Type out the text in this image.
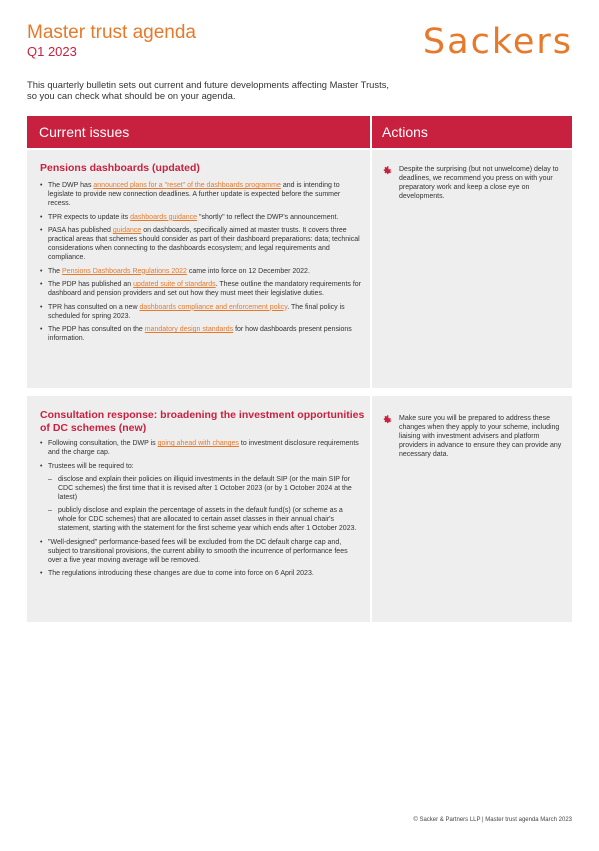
Master trust agenda
Q1 2023	Sackers
This quarterly bulletin sets out current and future developments affecting Master Trusts,
so you can check what should be on your agenda.
Current issues	Actions
Pensions dashboards (updated)
• The DWP has announced plans for a "reset" of the dashboards programme and is intending to legislate to provide new connection deadlines. A further update is expected before the summer recess.
• TPR expects to update its dashboards guidance "shortly" to reflect the DWP's announcement.
• PASA has published guidance on dashboards, specifically aimed at master trusts. It covers three practical areas that schemes should consider as part of their dashboard preparations: data; technical considerations when connecting to the dashboards ecosystem; and legal requirements and compliance.
• The Pensions Dashboards Regulations 2022 came into force on 12 December 2022.
• The PDP has published an updated suite of standards. These outline the mandatory requirements for dashboard and pension providers and set out how they must meet their legislative duties.
• TPR has consulted on a new dashboards compliance and enforcement policy. The final policy is scheduled for spring 2023.
• The PDP has consulted on the mandatory design standards for how dashboards present pensions information.
Despite the surprising (but not unwelcome) delay to deadlines, we recommend you press on with your preparatory work and keep a close eye on developments.
Consultation response: broadening the investment opportunities
of DC schemes (new)
• Following consultation, the DWP is going ahead with changes to investment disclosure requirements and the charge cap.
• Trustees will be required to:
– disclose and explain their policies on illiquid investments in the default SIP (or the main SIP for CDC schemes) the first time that it is revised after 1 October 2023 (or by 1 October 2024 at the latest)
– publicly disclose and explain the percentage of assets in the default fund(s) (or scheme as a whole for CDC schemes) that are allocated to certain asset classes in their annual chair's statement, starting with the statement for the first scheme year which ends after 1 October 2023.
• "Well-designed" performance-based fees will be excluded from the DC default charge cap and, subject to transitional provisions, the current ability to smooth the incurrence of performance fees over a five year moving average will be removed.
• The regulations introducing these changes are due to come into force on 6 April 2023.
Make sure you will be prepared to address these changes when they apply to your scheme, including liaising with investment advisers and platform providers in advance to ensure they can provide any necessary data.
© Sacker & Partners LLP | Master trust agenda March 2023
